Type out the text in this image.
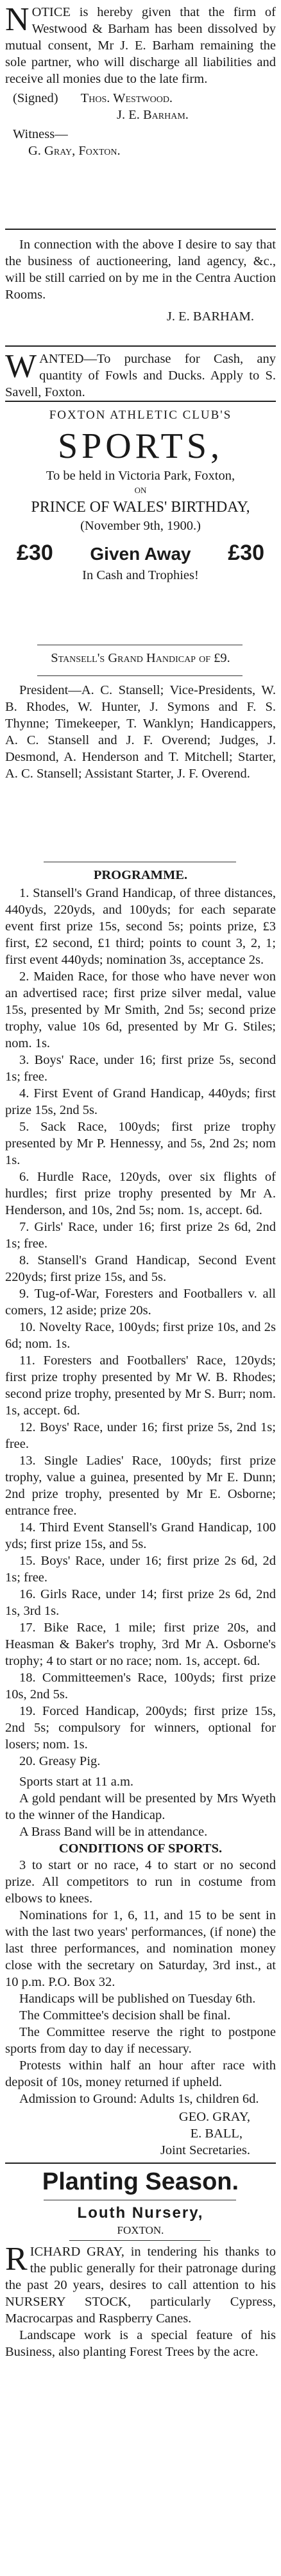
NOTICE is hereby given that the firm of Westwood & Barham has been dissolved by mutual consent, Mr J. E. Barham remaining the sole partner, who will discharge all liabilities and receive all monies due to the late firm.

(Signed) Thos. Westwood.

J. E. Barham.

Witness—

G. Gray, Foxton.

In connection with the above I desire to say that the business of auctioneering, land agency, &c., will be still carried on by me in the Centra Auction Rooms.

J. E. BARHAM.

WANTED—To purchase for Cash, any quantity of Fowls and Ducks. Apply to S. Savell, Foxton.

FOXTON ATHLETIC CLUB'S

SPORTS,

To be held in Victoria Park, Foxton,

ON

PRINCE OF WALES' BIRTHDAY,

(November 9th, 1900.)

£30 Given Away £30

In Cash and Trophies!

Stansell's Grand Handicap of £9.

President—A. C. Stansell; Vice-Presidents, W. B. Rhodes, W. Hunter, J. Symons and F. S. Thynne; Timekeeper, T. Wanklyn; Handicappers, A. C. Stansell and J. F. Overend; Judges, J. Desmond, A. Henderson and T. Mitchell; Starter, A. C. Stansell; Assistant Starter, J. F. Overend.

PROGRAMME.

1. Stansell's Grand Handicap, of three distances, 440yds, 220yds, and 100yds; for each separate event first prize 15s, second 5s; points prize, £3 first, £2 second, £1 third; points to count 3, 2, 1; first event 440yds; nomination 3s, acceptance 2s.

2. Maiden Race, for those who have never won an advertised race; first prize silver medal, value 15s, presented by Mr Smith, 2nd 5s; second prize trophy, value 10s 6d, presented by Mr G. Stiles; nom. 1s.

3. Boys' Race, under 16; first prize 5s, second 1s; free.

4. First Event of Grand Handicap, 440yds; first prize 15s, 2nd 5s.

5. Sack Race, 100yds; first prize trophy presented by Mr P. Hennessy, and 5s, 2nd 2s; nom 1s.

6. Hurdle Race, 120yds, over six flights of hurdles; first prize trophy presented by Mr A. Henderson, and 10s, 2nd 5s; nom. 1s, accept. 6d.

7. Girls' Race, under 16; first prize 2s 6d, 2nd 1s; free.

8. Stansell's Grand Handicap, Second Event 220yds; first prize 15s, and 5s.

9. Tug-of-War, Foresters and Footballers v. all comers, 12 aside; prize 20s.

10. Novelty Race, 100yds; first prize 10s, and 2s 6d; nom. 1s.

11. Foresters and Footballers' Race, 120yds; first prize trophy presented by Mr W. B. Rhodes; second prize trophy, presented by Mr S. Burr; nom. 1s, accept. 6d.

12. Boys' Race, under 16; first prize 5s, 2nd 1s; free.

13. Single Ladies' Race, 100yds; first prize trophy, value a guinea, presented by Mr E. Dunn; 2nd prize trophy, presented by Mr E. Osborne; entrance free.

14. Third Event Stansell's Grand Handicap, 100 yds; first prize 15s, and 5s.

15. Boys' Race, under 16; first prize 2s 6d, 2d 1s; free.

16. Girls Race, under 14; first prize 2s 6d, 2nd 1s, 3rd 1s.

17. Bike Race, 1 mile; first prize 20s, and Heasman & Baker's trophy, 3rd Mr A. Osborne's trophy; 4 to start or no race; nom. 1s, accept. 6d.

18. Committeemen's Race, 100yds; first prize 10s, 2nd 5s.

19. Forced Handicap, 200yds; first prize 15s, 2nd 5s; compulsory for winners, optional for losers; nom. 1s.

20. Greasy Pig.

Sports start at 11 a.m.

A gold pendant will be presented by Mrs Wyeth to the winner of the Handicap.

A Brass Band will be in attendance.

CONDITIONS OF SPORTS.

3 to start or no race, 4 to start or no second prize. All competitors to run in costume from elbows to knees.

Nominations for 1, 6, 11, and 15 to be sent in with the last two years' performances, (if none) the last three performances, and nomination money close with the secretary on Saturday, 3rd inst., at 10 p.m. P.O. Box 32.

Handicaps will be published on Tuesday 6th.

The Committee's decision shall be final.

The Committee reserve the right to postpone sports from day to day if necessary.

Protests within half an hour after race with deposit of 10s, money returned if upheld.

Admission to Ground: Adults 1s, children 6d.

GEO. GRAY,

E. BALL,

Joint Secretaries.

Planting Season.

Louth Nursery,

FOXTON.

RICHARD GRAY, in tendering his thanks to the public generally for their patronage during the past 20 years, desires to call attention to his NURSERY STOCK, particularly Cypress, Macrocarpas and Raspberry Canes.

Landscape work is a special feature of his Business, also planting Forest Trees by the acre.
